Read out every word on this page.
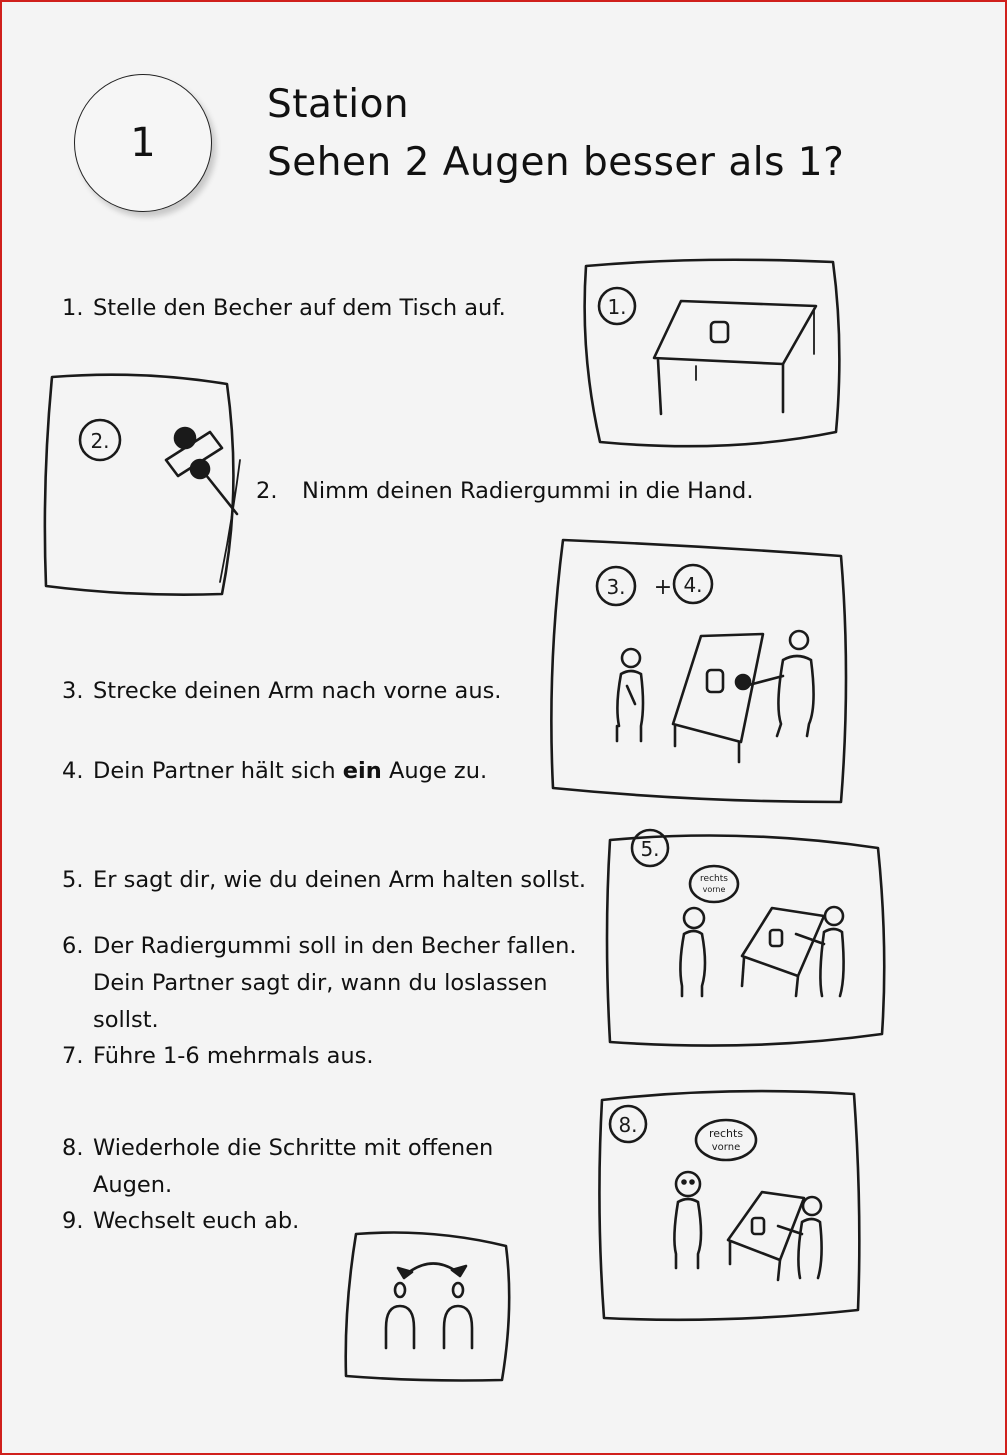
1
Station
Sehen 2 Augen besser als 1?
1. Stelle den Becher auf dem Tisch auf.
2. Nimm deinen Radiergummi in die Hand.
3. Strecke deinen Arm nach vorne aus.
4. Dein Partner hält sich ein Auge zu.
5. Er sagt dir, wie du deinen Arm halten sollst.
6. Der Radiergummi soll in den Becher fallen.
Dein Partner sagt dir, wann du loslassen
sollst.
7. Führe 1-6 mehrmals aus.
8. Wiederhole die Schritte mit offenen
Augen.
9. Wechselt euch ab.
1.
2.
3. + 4.
5.
rechts
vorne
8.	rechts
vorne
